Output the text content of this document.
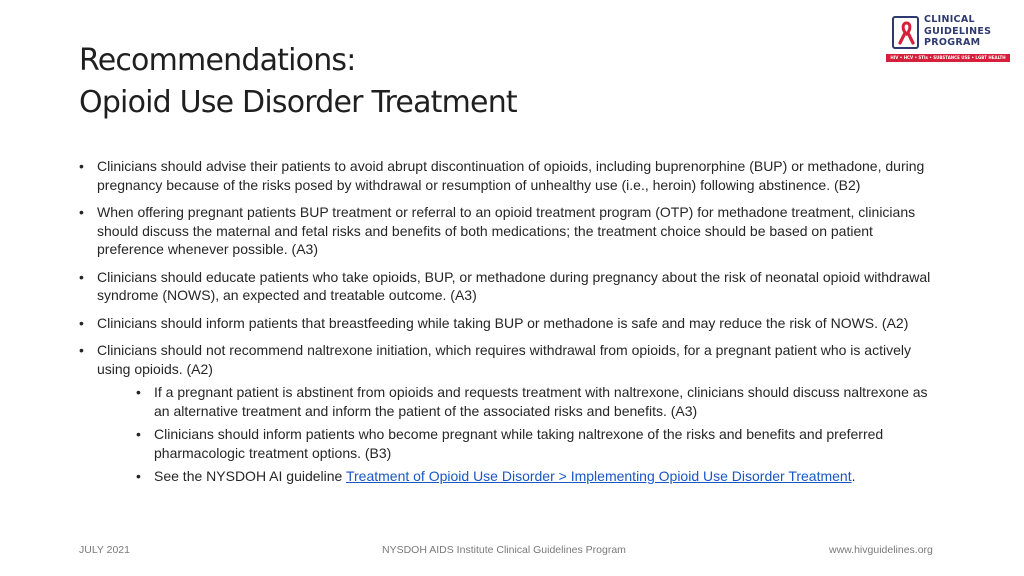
Recommendations:
Opioid Use Disorder Treatment
CLINICAL
GUIDELINES
PROGRAM
HIV • HCV • STIs • SUBSTANCE USE • LGBT HEALTH
• Clinicians should advise their patients to avoid abrupt discontinuation of opioids, including buprenorphine (BUP) or methadone, during pregnancy because of the risks posed by withdrawal or resumption of unhealthy use (i.e., heroin) following abstinence. (B2)
• When offering pregnant patients BUP treatment or referral to an opioid treatment program (OTP) for methadone treatment, clinicians should discuss the maternal and fetal risks and benefits of both medications; the treatment choice should be based on patient preference whenever possible. (A3)
• Clinicians should educate patients who take opioids, BUP, or methadone during pregnancy about the risk of neonatal opioid withdrawal syndrome (NOWS), an expected and treatable outcome. (A3)
• Clinicians should inform patients that breastfeeding while taking BUP or methadone is safe and may reduce the risk of NOWS. (A2)
• Clinicians should not recommend naltrexone initiation, which requires withdrawal from opioids, for a pregnant patient who is actively using opioids. (A2)
• If a pregnant patient is abstinent from opioids and requests treatment with naltrexone, clinicians should discuss naltrexone as an alternative treatment and inform the patient of the associated risks and benefits. (A3)
• Clinicians should inform patients who become pregnant while taking naltrexone of the risks and benefits and preferred pharmacologic treatment options. (B3)
• See the NYSDOH AI guideline Treatment of Opioid Use Disorder > Implementing Opioid Use Disorder Treatment.
JULY 2021	NYSDOH AIDS Institute Clinical Guidelines Program	www.hivguidelines.org
